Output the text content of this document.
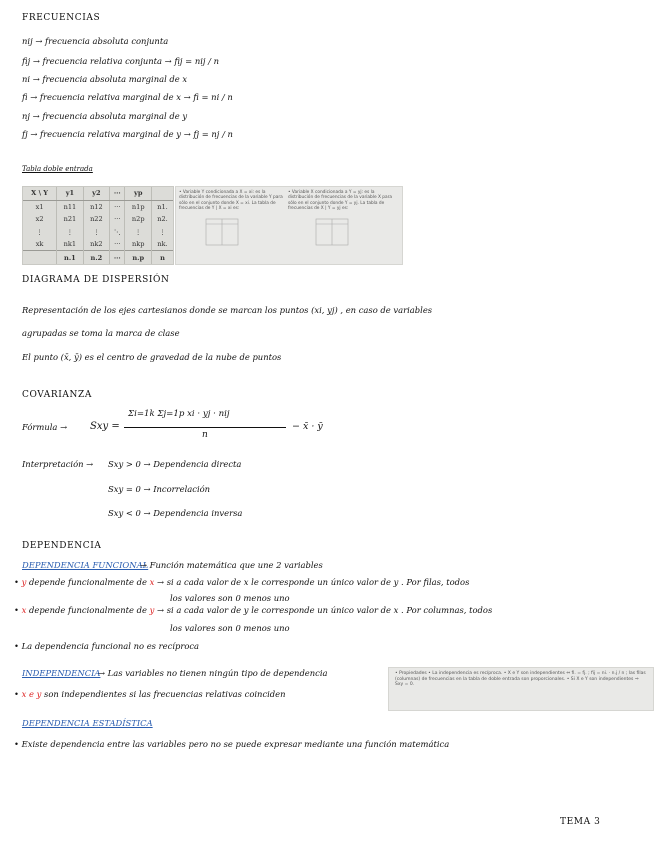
FRECUENCIAS
nij → frecuencia absoluta conjunta
fij → frecuencia relativa conjunta → fij = nij / n
ni → frecuencia absoluta marginal de x
fi → frecuencia relativa marginal de x → fi = ni / n
nj → frecuencia absoluta marginal de y
fj → frecuencia relativa marginal de y → fj = nj / n
Tabla doble entrada
X \ Y	y1	y2	···	yp	
x1	n11	n12	···	n1p	n1.
x2	n21	n22	···	n2p	n2.
⋮	⋮	⋮	⋱	⋮	⋮
xk	nk1	nk2	···	nkp	nk.
	n.1	n.2	···	n.p	n
• Variable Y condicionada a X = xi: es la distribución de frecuencias de la variable Y para sólo en el conjunto donde X = xi. La tabla de frecuencias de Y | X = xi es:
• Variable X condicionada a Y = yj: es la distribución de frecuencias de la variable X para sólo en el conjunto donde Y = yj. La tabla de frecuencias de X | Y = yj es:
DIAGRAMA DE DISPERSIÓN
Representación de los ejes cartesianos donde se marcan los puntos (xi, yj) , en caso de variables
agrupadas se toma la marca de clase
El punto (x̄, ȳ) es el centro de gravedad de la nube de puntos
COVARIANZA
Fórmula → Sxy =
Σi=1k Σj=1p xi · yj · nij
n
− x̄ · ȳ
Interpretación → Sxy > 0 → Dependencia directa
Sxy = 0 → Incorrelación
Sxy < 0 → Dependencia inversa
DEPENDENCIA
DEPENDENCIA FUNCIONAL
→ Función matemática que une 2 variables
• y depende funcionalmente de x → si a cada valor de x le corresponde un único valor de y . Por filas, todos
los valores son 0 menos uno
• x depende funcionalmente de y → si a cada valor de y le corresponde un único valor de x . Por columnas, todos
los valores son 0 menos uno
• La dependencia funcional no es recíproca
INDEPENDENCIA
→ Las variables no tienen ningún tipo de dependencia
• x e y son independientes si las frecuencias relativas coinciden
• Propiedades • La independencia es recíproca. • X e Y son independientes ⇔ fi. = fj. ; fij = ni. · n.j / n ; las filas (columnas) de frecuencias en la tabla de doble entrada son proporcionales. • Si X e Y son independientes ⇒ Sxy = 0.
DEPENDENCIA ESTADÍSTICA
• Existe dependencia entre las variables pero no se puede expresar mediante una función matemática
TEMA 3
